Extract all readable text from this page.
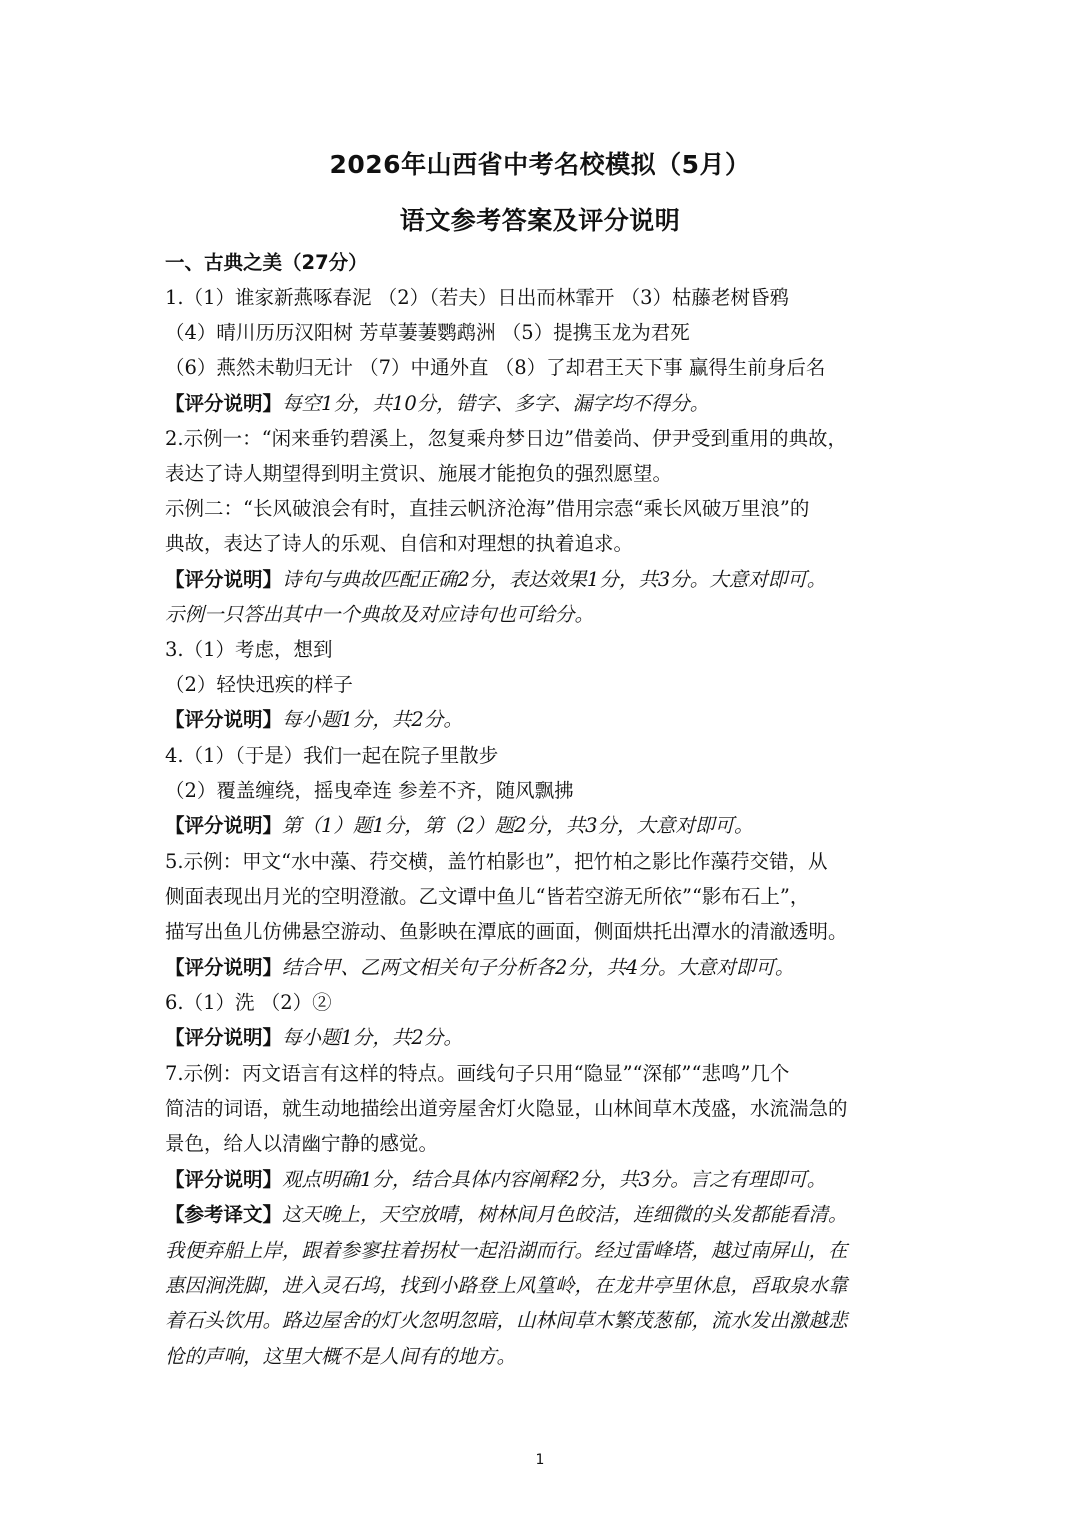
2026年山西省中考名校模拟（5月）
语文参考答案及评分说明
一、古典之美（27分）
1.（1）谁家新燕啄春泥 （2）（若夫）日出而林霏开 （3）枯藤老树昏鸦
（4）晴川历历汉阳树 芳草萋萋鹦鹉洲 （5）提携玉龙为君死
（6）燕然未勒归无计 （7）中通外直 （8）了却君王天下事 赢得生前身后名
【评分说明】每空1分，共10分，错字、多字、漏字均不得分。
2.示例一：“闲来垂钓碧溪上，忽复乘舟梦日边”借姜尚、伊尹受到重用的典故，
表达了诗人期望得到明主赏识、施展才能抱负的强烈愿望。
示例二：“长风破浪会有时，直挂云帆济沧海”借用宗悫“乘长风破万里浪”的
典故，表达了诗人的乐观、自信和对理想的执着追求。
【评分说明】诗句与典故匹配正确2分，表达效果1分，共3分。大意对即可。
示例一只答出其中一个典故及对应诗句也可给分。
3.（1）考虑，想到
（2）轻快迅疾的样子
【评分说明】每小题1分，共2分。
4.（1）（于是）我们一起在院子里散步
（2）覆盖缠绕，摇曳牵连 参差不齐，随风飘拂
【评分说明】第（1）题1分，第（2）题2分，共3分，大意对即可。
5.示例：甲文“水中藻、荇交横，盖竹柏影也”，把竹柏之影比作藻荇交错，从
侧面表现出月光的空明澄澈。乙文谭中鱼儿“皆若空游无所依”“影布石上”，
描写出鱼儿仿佛悬空游动、鱼影映在潭底的画面，侧面烘托出潭水的清澈透明。
【评分说明】结合甲、乙两文相关句子分析各2分，共4分。大意对即可。
6.（1）洗 （2）②
【评分说明】每小题1分，共2分。
7.示例：丙文语言有这样的特点。画线句子只用“隐显”“深郁”“悲鸣”几个
简洁的词语，就生动地描绘出道旁屋舍灯火隐显，山林间草木茂盛，水流湍急的
景色，给人以清幽宁静的感觉。
【评分说明】观点明确1分，结合具体内容阐释2分，共3分。言之有理即可。
【参考译文】这天晚上，天空放晴，树林间月色皎洁，连细微的头发都能看清。
我便弃船上岸，跟着参寥拄着拐杖一起沿湖而行。经过雷峰塔，越过南屏山，在
惠因涧洗脚，进入灵石坞，找到小路登上风篁岭，在龙井亭里休息，舀取泉水靠
着石头饮用。路边屋舍的灯火忽明忽暗，山林间草木繁茂葱郁，流水发出激越悲
怆的声响，这里大概不是人间有的地方。
1
